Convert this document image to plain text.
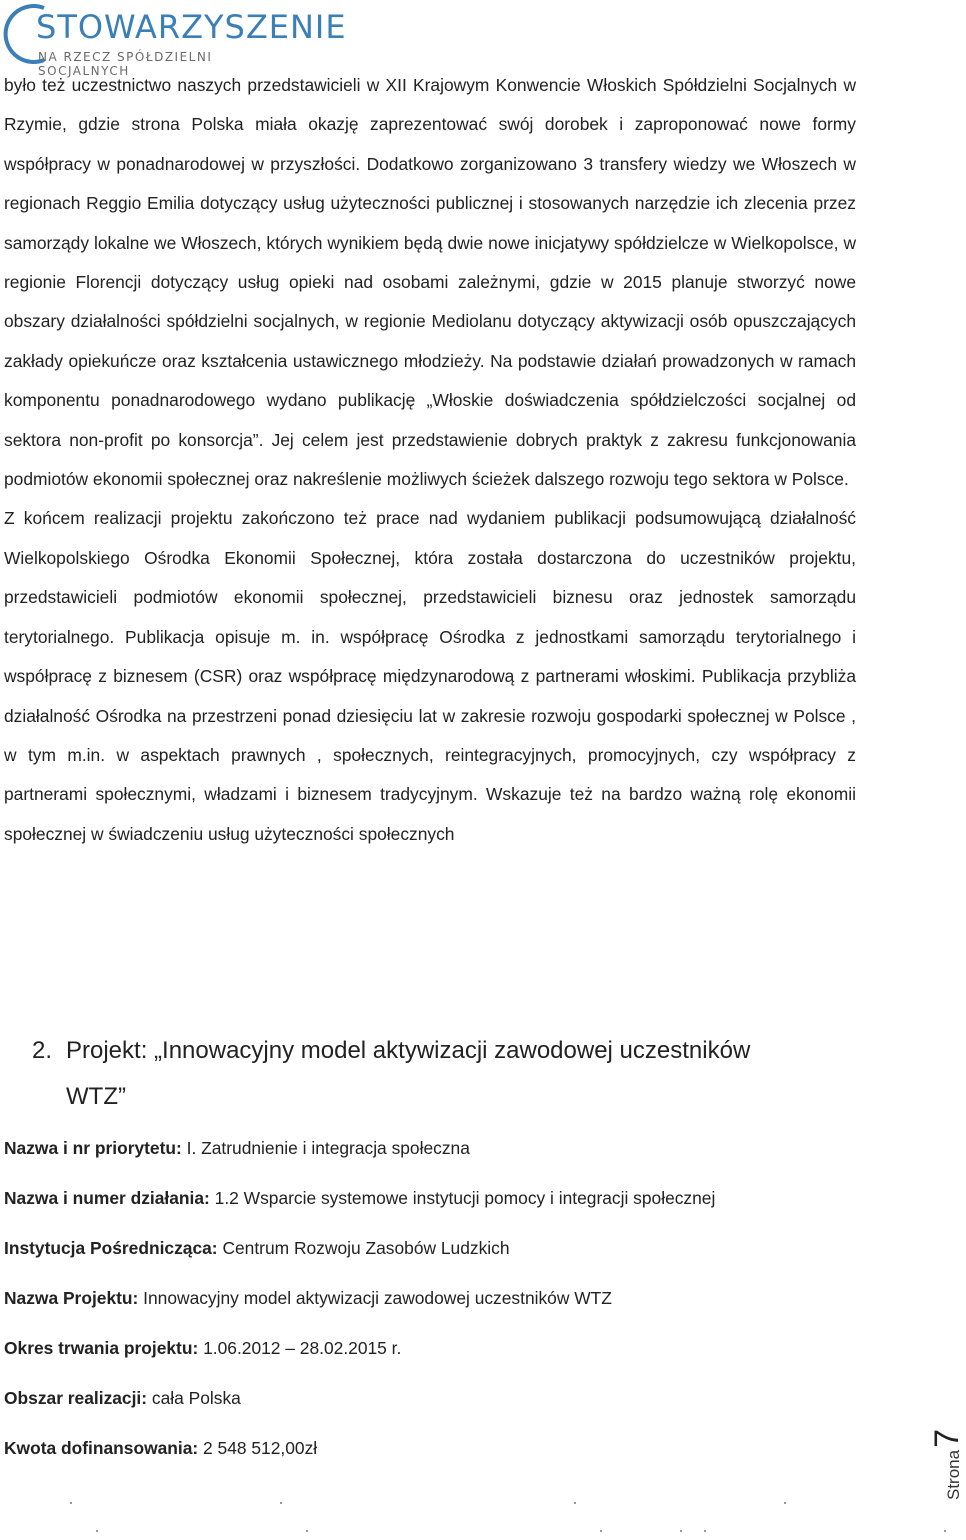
STOWARZYSZENIE
NA RZECZ SPÓŁDZIELNI SOCJALNYCH

było też uczestnictwo naszych przedstawicieli w XII Krajowym Konwencie Włoskich Spółdzielni Socjalnych w Rzymie, gdzie strona Polska miała okazję zaprezentować swój dorobek i zaproponować nowe formy współpracy w ponadnarodowej w przyszłości. Dodatkowo zorganizowano 3 transfery wiedzy we Włoszech w regionach Reggio Emilia dotyczący usług użyteczności publicznej i stosowanych narzędzie ich zlecenia przez samorządy lokalne we Włoszech, których wynikiem będą dwie nowe inicjatywy spółdzielcze w Wielkopolsce, w regionie Florencji dotyczący usług opieki nad osobami zależnymi, gdzie w 2015 planuje stworzyć nowe obszary działalności spółdzielni socjalnych, w regionie Mediolanu dotyczący aktywizacji osób opuszczających zakłady opiekuńcze oraz kształcenia ustawicznego młodzieży. Na podstawie działań prowadzonych w ramach komponentu ponadnarodowego wydano publikację „Włoskie doświadczenia spółdzielczości socjalnej od sektora non-profit po konsorcja”. Jej celem jest przedstawienie dobrych praktyk z zakresu funkcjonowania podmiotów ekonomii społecznej oraz nakreślenie możliwych ścieżek dalszego rozwoju tego sektora w Polsce.

Z końcem realizacji projektu zakończono też prace nad wydaniem publikacji podsumowującą działalność Wielkopolskiego Ośrodka Ekonomii Społecznej, która została dostarczona do uczestników projektu, przedstawicieli podmiotów ekonomii społecznej, przedstawicieli biznesu oraz jednostek samorządu terytorialnego. Publikacja opisuje m. in. współpracę Ośrodka z jednostkami samorządu terytorialnego i współpracę z biznesem (CSR) oraz współpracę międzynarodową z partnerami włoskimi. Publikacja przybliża działalność Ośrodka na przestrzeni ponad dziesięciu lat w zakresie rozwoju gospodarki społecznej w Polsce , w tym m.in. w aspektach prawnych , społecznych, reintegracyjnych, promocyjnych, czy współpracy z partnerami społecznymi, władzami i biznesem tradycyjnym. Wskazuje też na bardzo ważną rolę ekonomii społecznej w świadczeniu usług użyteczności społecznych

2. Projekt: „Innowacyjny model aktywizacji zawodowej uczestników
WTZ”
Nazwa i nr priorytetu: I. Zatrudnienie i integracja społeczna
Nazwa i numer działania: 1.2 Wsparcie systemowe instytucji pomocy i integracji społecznej
Instytucja Pośrednicząca: Centrum Rozwoju Zasobów Ludzkich
Nazwa Projektu: Innowacyjny model aktywizacji zawodowej uczestników WTZ
Okres trwania projektu: 1.06.2012 – 28.02.2015 r.
Obszar realizacji: cała Polska
Kwota dofinansowania: 2 548 512,00zł
Strona
7
